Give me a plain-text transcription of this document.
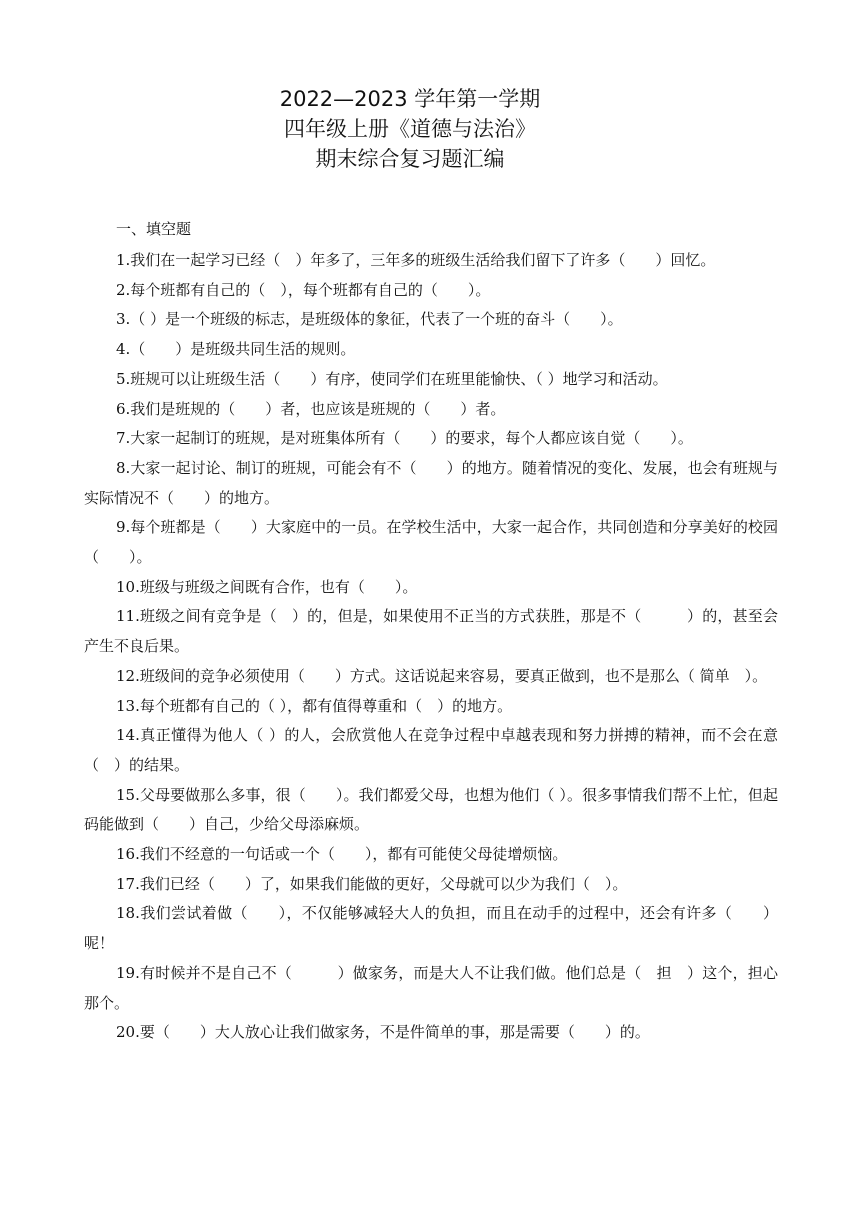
2022—2023 学年第一学期
四年级上册《道德与法治》
期末综合复习题汇编
一、填空题

1.我们在一起学习已经（　）年多了，三年多的班级生活给我们留下了许多（　　）回忆。

2.每个班都有自己的（　），每个班都有自己的（　　）。

3.（ ）是一个班级的标志，是班级体的象征，代表了一个班的奋斗（　　）。

4.（　　）是班级共同生活的规则。

5.班规可以让班级生活（　　）有序，使同学们在班里能愉快、（ ）地学习和活动。

6.我们是班规的（　　）者，也应该是班规的（　　）者。

7.大家一起制订的班规，是对班集体所有（　　）的要求，每个人都应该自觉（　　）。

8.大家一起讨论、制订的班规，可能会有不（　　）的地方。随着情况的变化、发展，也会有班规与实际情况不（　　）的地方。

9.每个班都是（　　）大家庭中的一员。在学校生活中，大家一起合作，共同创造和分享美好的校园（　　）。

10.班级与班级之间既有合作，也有（　　）。

11.班级之间有竞争是（　）的，但是，如果使用不正当的方式获胜，那是不（　　　）的，甚至会产生不良后果。

12.班级间的竞争必须使用（　　）方式。这话说起来容易，要真正做到，也不是那么（ 简单　）。

13.每个班都有自己的（ ），都有值得尊重和（　）的地方。

14.真正懂得为他人（ ）的人，会欣赏他人在竞争过程中卓越表现和努力拼搏的精神，而不会在意（　）的结果。

15.父母要做那么多事，很（　　）。我们都爱父母，也想为他们（ ）。很多事情我们帮不上忙，但起码能做到（　　）自己，少给父母添麻烦。

16.我们不经意的一句话或一个（　　），都有可能使父母徒增烦恼。

17.我们已经（　　）了，如果我们能做的更好，父母就可以少为我们（　）。

18.我们尝试着做（　　），不仅能够减轻大人的负担，而且在动手的过程中，还会有许多（　　）呢！

19.有时候并不是自己不（　　　）做家务，而是大人不让我们做。他们总是（　担　）这个，担心那个。

20.要（　　）大人放心让我们做家务，不是件简单的事，那是需要（　　）的。
